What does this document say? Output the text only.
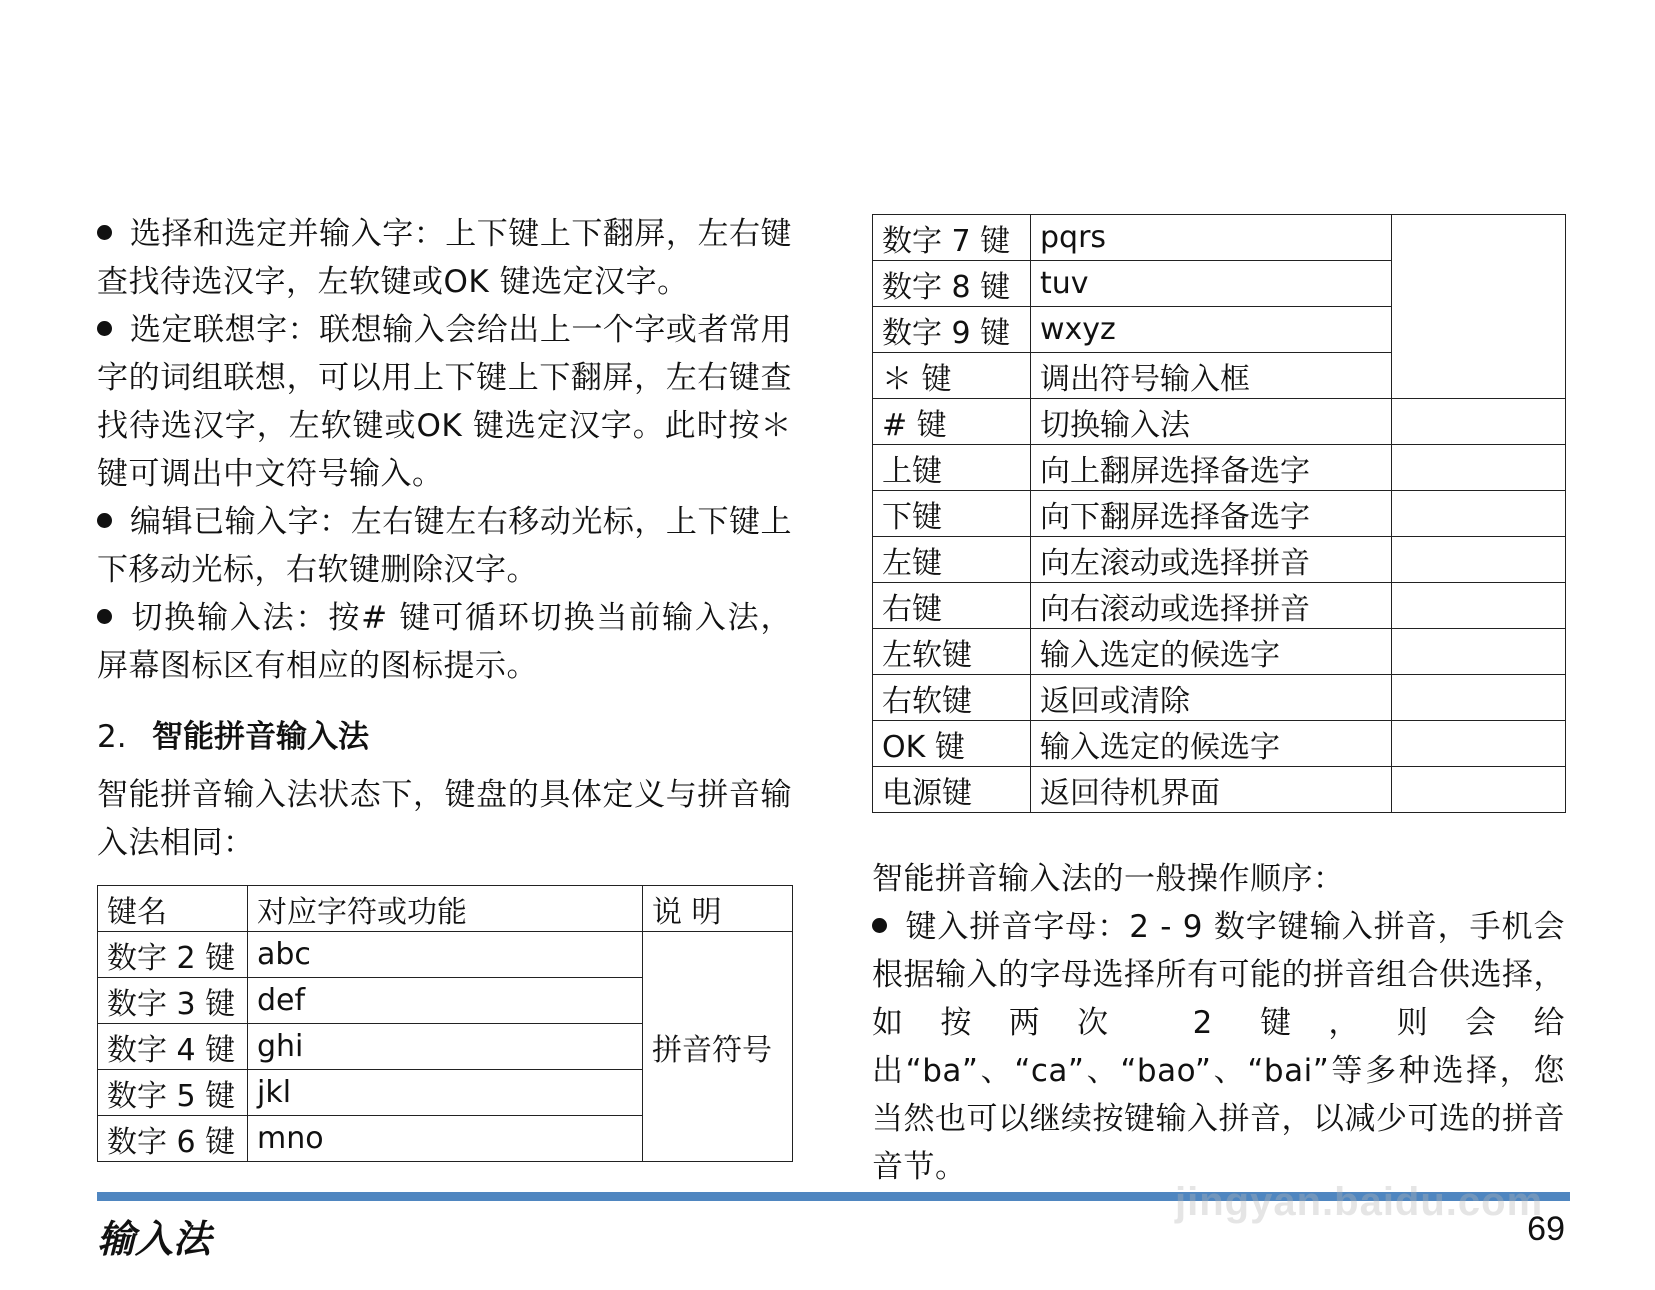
选择和选定并输入字：上下键上下翻屏，左右键查找待选汉字，左软键或OK 键选定汉字。

选定联想字：联想输入会给出上一个字或者常用字的词组联想，可以用上下键上下翻屏，左右键查找待选汉字，左软键或OK 键选定汉字。此时按＊ 键可调出中文符号输入。

编辑已输入字：左右键左右移动光标，上下键上下移动光标，右软键删除汉字。

切换输入法：按# 键可循环切换当前输入法，屏幕图标区有相应的图标提示。

2. 智能拼音输入法

智能拼音输入法状态下，键盘的具体定义与拼音输入法相同：

键名	对应字符或功能	说 明
数字 2 键	abc	拼音符号
数字 3 键	def	
数字 4 键	ghi	
数字 5 键	jkl	
数字 6 键	mno	
数字 7 键	pqrs	
数字 8 键	tuv	
数字 9 键	wxyz	
＊ 键	调出符号输入框	
# 键	切换输入法	
上键	向上翻屏选择备选字	
下键	向下翻屏选择备选字	
左键	向左滚动或选择拼音	
右键	向右滚动或选择拼音	
左软键	输入选定的候选字	
右软键	返回或清除	
OK 键	输入选定的候选字	
电源键	返回待机界面	

智能拼音输入法的一般操作顺序：

键入拼音字母：2 - 9 数字键输入拼音，手机会根据输入的字母选择所有可能的拼音组合供选择，如按两次 2 键，则会给出“ba”、“ca”、“bao”、“bai”等多种选择，您当然也可以继续按键输入拼音，以减少可选的拼音音节。

输入法	69
jingyan.baidu.com
